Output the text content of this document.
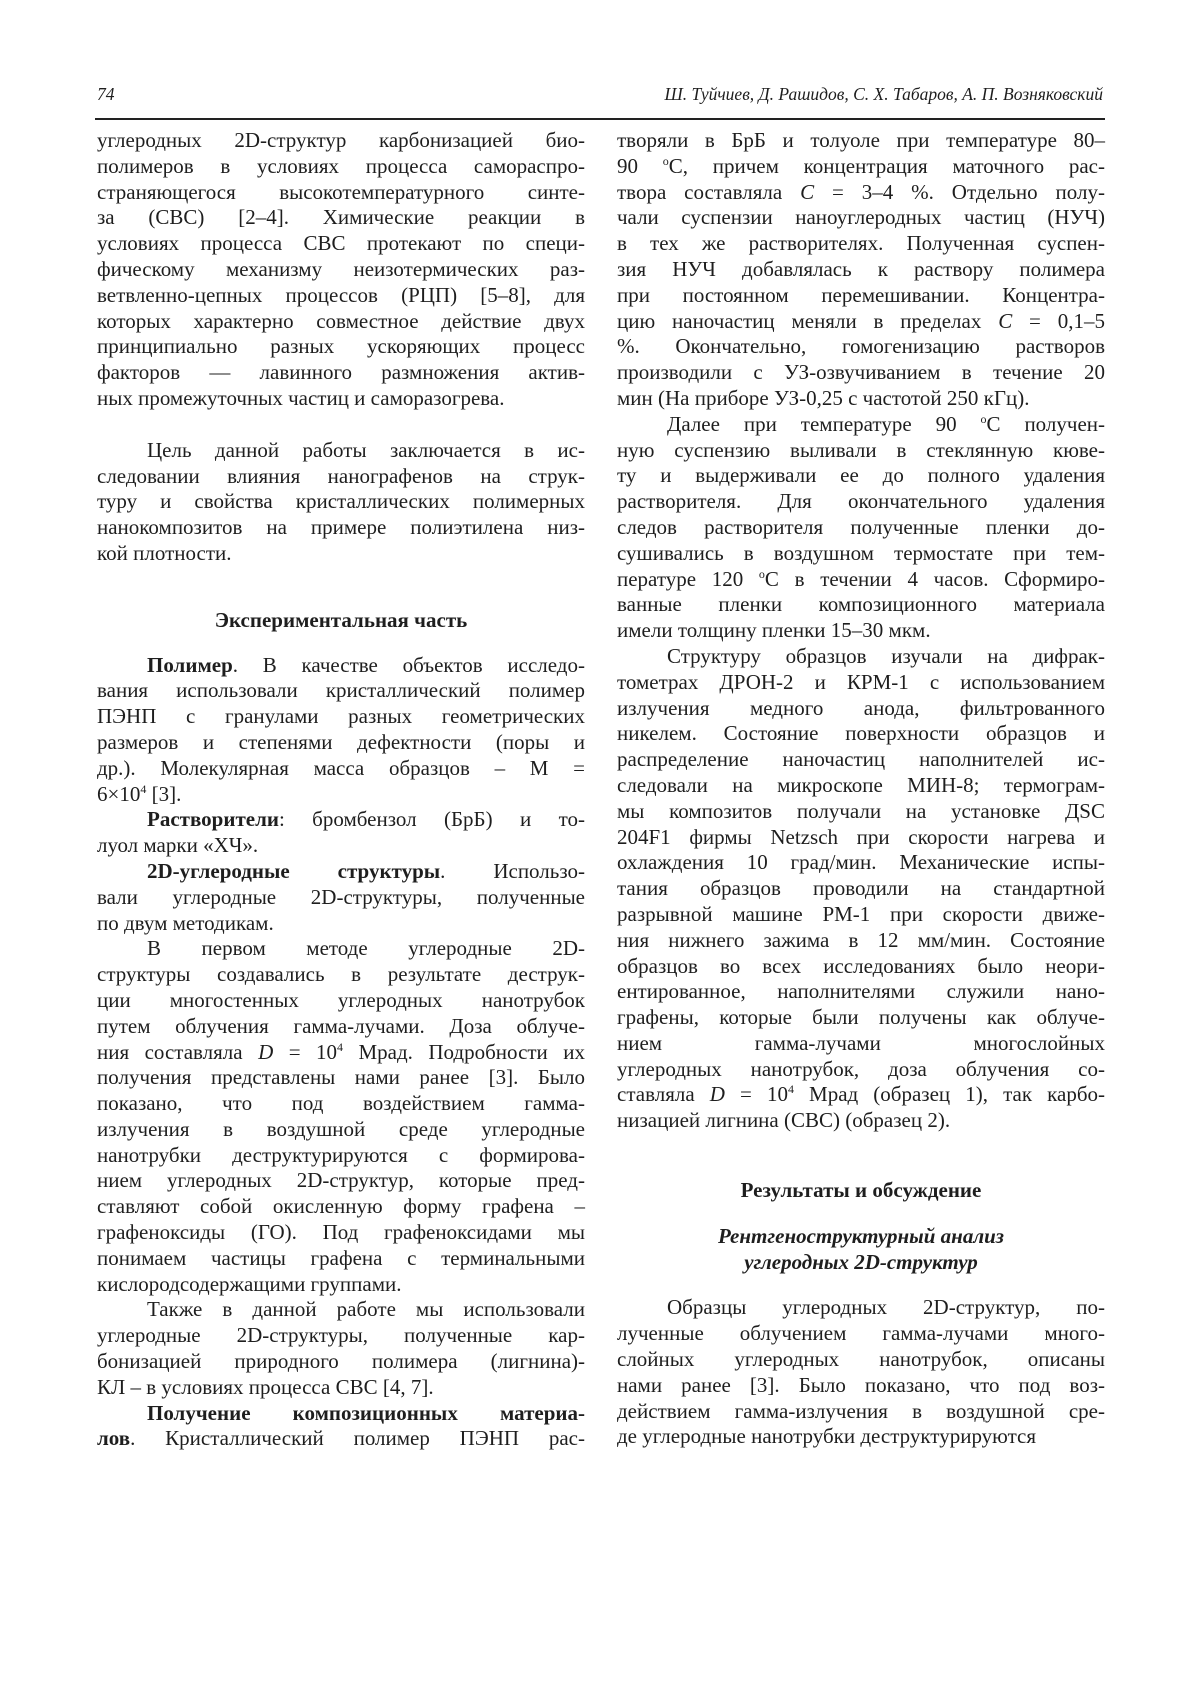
74	Ш. Туйчиев, Д. Рашидов, С. Х. Табаров, А. П. Возняковский
углеродных 2D-структур карбонизацией био-
полимеров в условиях процесса самораспро-
страняющегося высокотемпературного синте-
за (СВС) [2–4]. Химические реакции в
условиях процесса СВС протекают по специ-
фическому механизму неизотермических раз-
ветвленно-цепных процессов (РЦП) [5–8], для
которых характерно совместное действие двух
принципиально разных ускоряющих процесс
факторов — лавинного размножения актив-
ных промежуточных частиц и саморазогрева.
Цель данной работы заключается в ис-
следовании влияния нанографенов на струк-
туру и свойства кристаллических полимерных
нанокомпозитов на примере полиэтилена низ-
кой плотности.
Экспериментальная часть
Полимер. В качестве объектов исследо-
вания использовали кристаллический полимер
ПЭНП с гранулами разных геометрических
размеров и степенями дефектности (поры и
др.). Молекулярная масса образцов – М =
6×104 [3].
Растворители: бромбензол (БрБ) и то-
луол марки «ХЧ».
2D-углеродные структуры. Использо-
вали углеродные 2D-структуры, полученные
по двум методикам.
В первом методе углеродные 2D-
структуры создавались в результате деструк-
ции многостенных углеродных нанотрубок
путем облучения гамма-лучами. Доза облуче-
ния составляла D = 104 Мрад. Подробности их
получения представлены нами ранее [3]. Было
показано, что под воздействием гамма-
излучения в воздушной среде углеродные
нанотрубки деструктурируются с формирова-
нием углеродных 2D-структур, которые пред-
ставляют собой окисленную форму графена –
графеноксиды (ГО). Под графеноксидами мы
понимаем частицы графена с терминальными
кислородсодержащими группами.
Также в данной работе мы использовали
углеродные 2D-структуры, полученные кар-
бонизацией природного полимера (лигнина)-
КЛ – в условиях процесса СВС [4, 7].
Получение композиционных материа-
лов. Кристаллический полимер ПЭНП рас-
творяли в БрБ и толуоле при температуре 80–
90 oC, причем концентрация маточного рас-
твора составляла C = 3–4 %. Отдельно полу-
чали суспензии наноуглеродных частиц (НУЧ)
в тех же растворителях. Полученная суспен-
зия НУЧ добавлялась к раствору полимера
при постоянном перемешивании. Концентра-
цию наночастиц меняли в пределах C = 0,1–5
%. Окончательно, гомогенизацию растворов
производили с УЗ-озвучиванием в течение 20
мин (На приборе УЗ-0,25 с частотой 250 кГц).
Далее при температуре 90 oC получен-
ную суспензию выливали в стеклянную кюве-
ту и выдерживали ее до полного удаления
растворителя. Для окончательного удаления
следов растворителя полученные пленки до-
сушивались в воздушном термостате при тем-
пературе 120 oC в течении 4 часов. Сформиро-
ванные пленки композиционного материала
имели толщину пленки 15–30 мкм.
Структуру образцов изучали на дифрак-
тометрах ДРОН-2 и КРМ-1 с использованием
излучения медного анода, фильтрованного
никелем. Состояние поверхности образцов и
распределение наночастиц наполнителей ис-
следовали на микроскопе МИН-8; термограм-
мы композитов получали на установке ДSC
204F1 фирмы Netzsch при скорости нагрева и
охлаждения 10 град/мин. Механические испы-
тания образцов проводили на стандартной
разрывной машине РМ-1 при скорости движе-
ния нижнего зажима в 12 мм/мин. Состояние
образцов во всех исследованиях было неори-
ентированное, наполнителями служили нано-
графены, которые были получены как облуче-
нием гамма-лучами многослойных
углеродных нанотрубок, доза облучения со-
ставляла D = 104 Мрад (образец 1), так карбо-
низацией лигнина (СВС) (образец 2).
Результаты и обсуждение
Рентгеноструктурный анализ
углеродных 2D-структур
Образцы углеродных 2D-структур, по-
лученные облучением гамма-лучами много-
слойных углеродных нанотрубок, описаны
нами ранее [3]. Было показано, что под воз-
действием гамма-излучения в воздушной сре-
де углеродные нанотрубки деструктурируются
